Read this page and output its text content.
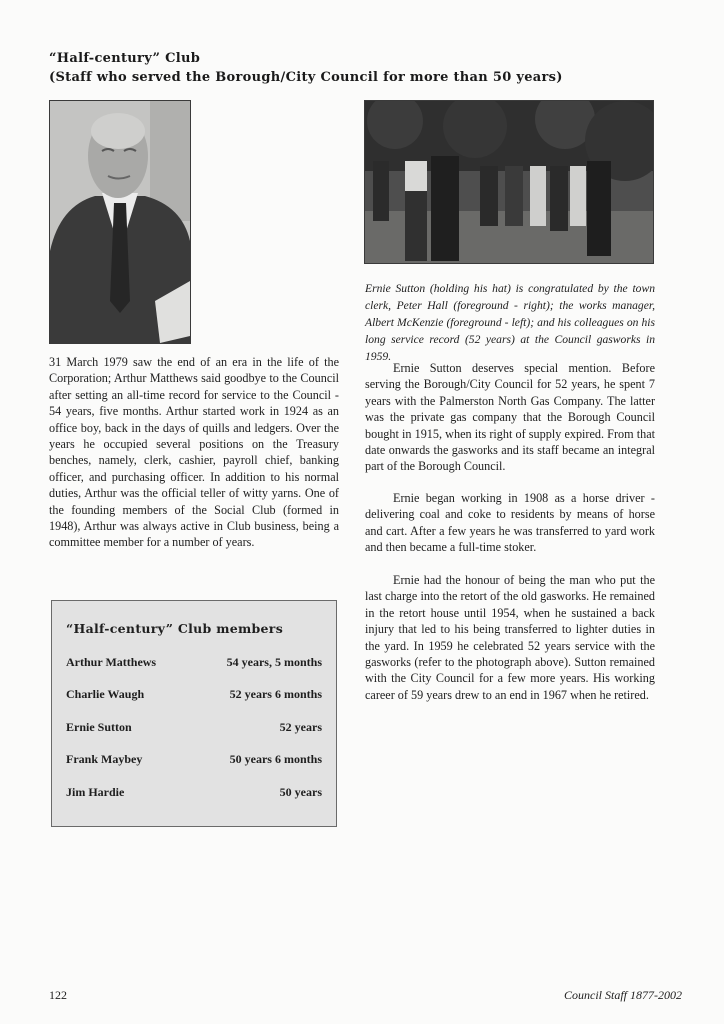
“Half-century” Club
(Staff who served the Borough/City Council for more than 50 years)

31 March 1979 saw the end of an era in the life of the Corporation; Arthur Matthews said goodbye to the Council after setting an all-time record for service to the Council - 54 years, five months. Arthur started work in 1924 as an office boy, back in the days of quills and ledgers. Over the years he occupied several positions on the Treasury benches, namely, clerk, cashier, payroll chief, banking officer, and purchasing officer. In addition to his normal duties, Arthur was the official teller of witty yarns. One of the founding members of the Social Club (formed in 1948), Arthur was always active in Club business, being a committee member for a number of years.

Ernie Sutton (holding his hat) is congratulated by the town clerk, Peter Hall (foreground - right); the works manager, Albert McKenzie (foreground - left); and his colleagues on his long service record (52 years) at the Council gasworks in 1959.

Ernie Sutton deserves special mention. Before serving the Borough/City Council for 52 years, he spent 7 years with the Palmerston North Gas Company. The latter was the private gas company that the Borough Council bought in 1915, when its right of supply expired. From that date onwards the gasworks and its staff became an integral part of the Borough Council.

Ernie began working in 1908 as a horse driver - delivering coal and coke to residents by means of horse and cart. After a few years he was transferred to yard work and then became a full-time stoker.

Ernie had the honour of being the man who put the last charge into the retort of the old gasworks. He remained in the retort house until 1954, when he sustained a back injury that led to his being transferred to lighter duties in the yard. In 1959 he celebrated 52 years service with the gasworks (refer to the photograph above). Sutton remained with the City Council for a few more years. His working career of 59 years drew to an end in 1967 when he retired.

“Half-century” Club members
Arthur Matthews	54 years, 5 months
Charlie Waugh	52 years 6 months
Ernie Sutton	52 years
Frank Maybey	50 years 6 months
Jim Hardie	50 years
122	Council Staff 1877-2002
